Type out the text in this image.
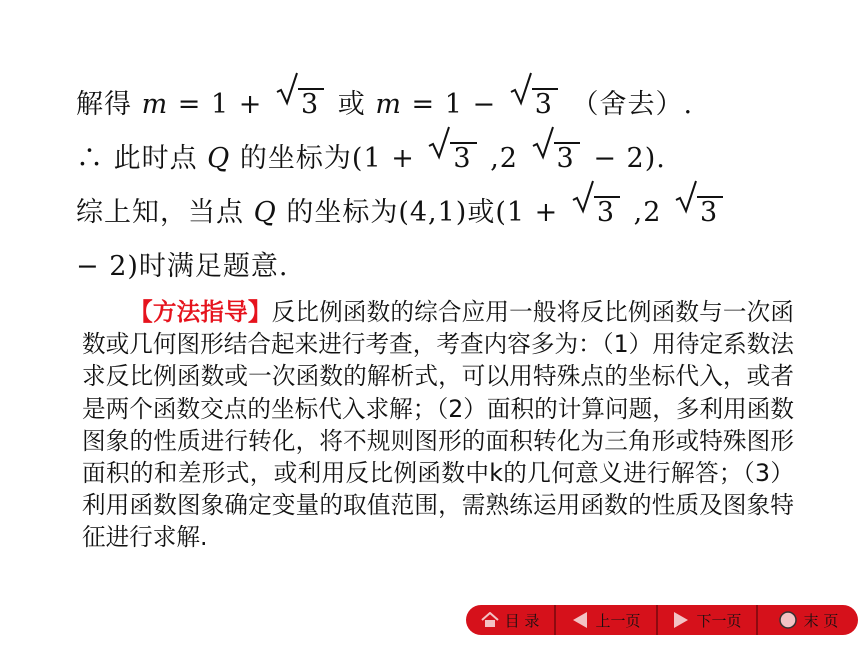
解得 m = 1 +
3 或 m = 1 −
3 （舍去）.
∴ 此时点 Q 的坐标为(1 +
3 ,2 3 − 2).
综上知，当点 Q 的坐标为(4,1)或(1 +
3 ,2 3
− 2)时满足题意.
【方法指导】反比例函数的综合应用一般将反比例函数与一次函数或几何图形结合起来进行考查，考查内容多为：（1）用待定系数法求反比例函数或一次函数的解析式，可以用特殊点的坐标代入，或者是两个函数交点的坐标代入求解；（2）面积的计算问题，多利用函数图象的性质进行转化，将不规则图形的面积转化为三角形或特殊图形面积的和差形式，或利用反比例函数中k的几何意义进行解答；（3）利用函数图象确定变量的取值范围，需熟练运用函数的性质及图象特征进行求解.
目 录	上一页	下一页	末 页
